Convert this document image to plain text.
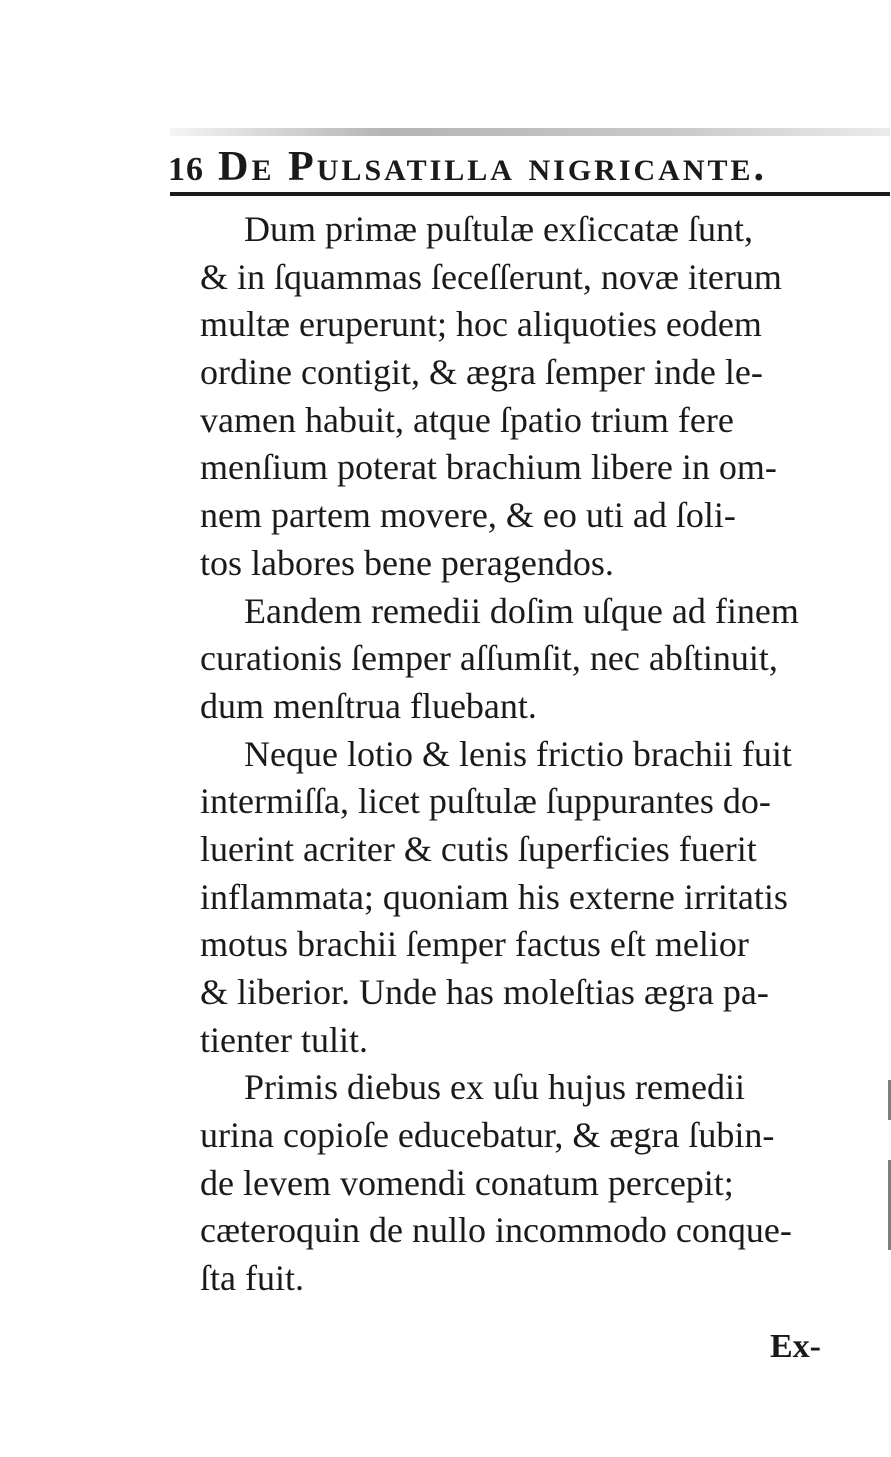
16 De Pulsatilla nigricante.
Dum primæ puſtulæ exſiccatæ ſunt,
& in ſquammas ſeceſſerunt, novæ iterum
multæ eruperunt; hoc aliquoties eodem
ordine contigit, & ægra ſemper inde le-
vamen habuit, atque ſpatio trium fere
menſium poterat brachium libere in om-
nem partem movere, & eo uti ad ſoli-
tos labores bene peragendos.
Eandem remedii doſim uſque ad finem
curationis ſemper aſſumſit, nec abſtinuit,
dum menſtrua fluebant.
Neque lotio & lenis frictio brachii fuit
intermiſſa, licet puſtulæ ſuppurantes do-
luerint acriter & cutis ſuperficies fuerit
inflammata; quoniam his externe irritatis
motus brachii ſemper factus eſt melior
& liberior. Unde has moleſtias ægra pa-
tienter tulit.
Primis diebus ex uſu hujus remedii
urina copioſe educebatur, & ægra ſubin-
de levem vomendi conatum percepit;
cæteroquin de nullo incommodo conque-
ſta fuit.
Ex-
